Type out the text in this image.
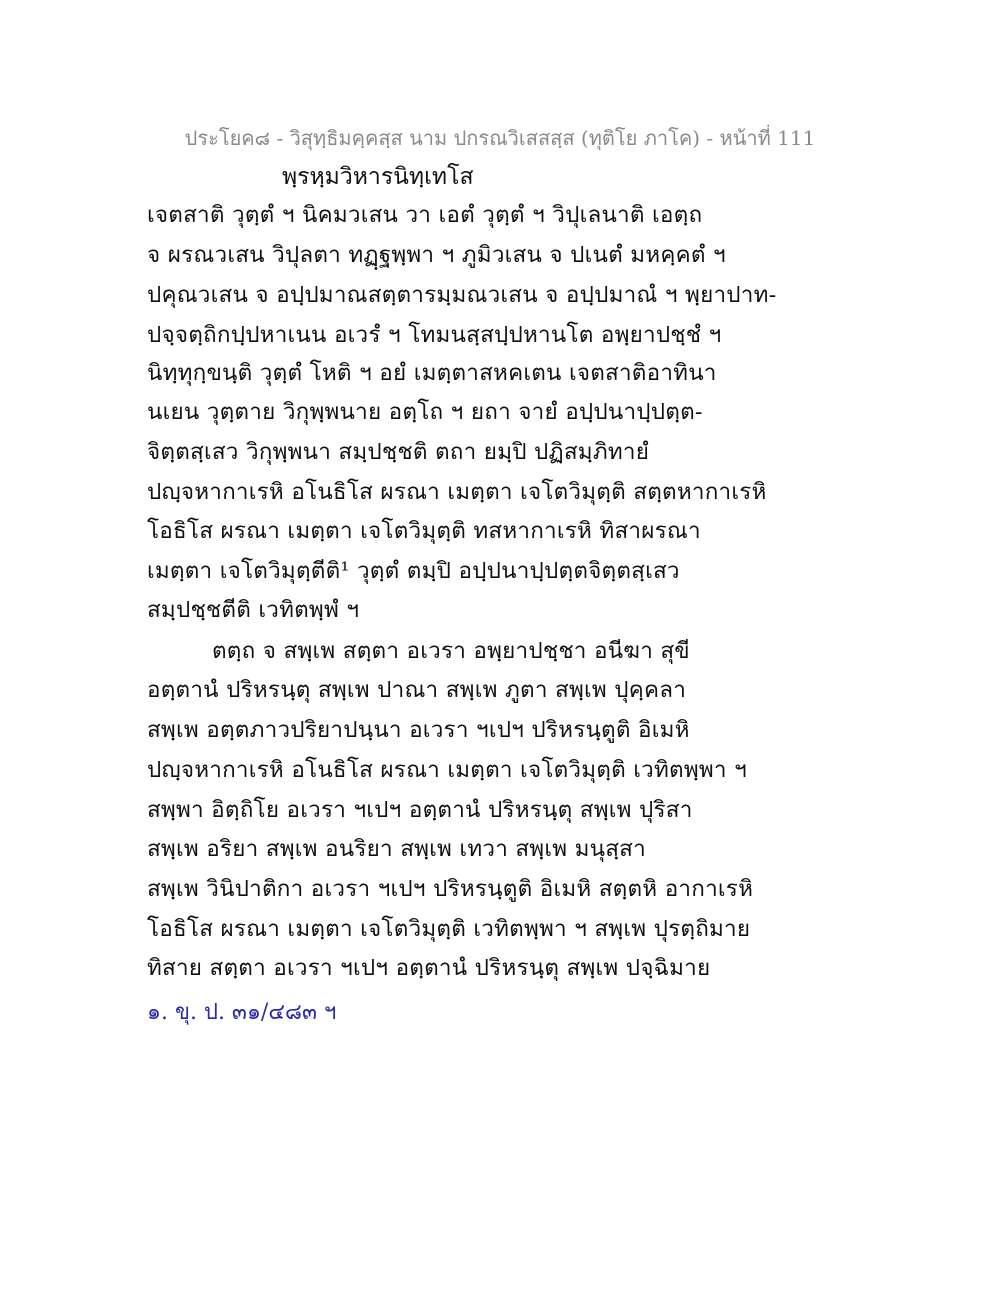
ประโยค๘ - วิสุทฺธิมคฺคสฺส นาม ปกรณวิเสสสฺส (ทุติโย ภาโค) - หน้าที่ 111
พฺรหฺมวิหารนิทฺเทโส
เจตสาติ วุตฺตํ ฯ นิคมวเสน วา เอตํ วุตฺตํ ฯ วิปุเลนาติ เอตฺถ
จ ผรณวเสน วิปุลตา ทฏฺฐพฺพา ฯ ภูมิวเสน จ ปเนตํ มหคฺคตํ ฯ
ปคุณวเสน จ อปฺปมาณสตฺตารมฺมณวเสน จ อปฺปมาณํ ฯ พฺยาปาท-
ปจฺจตฺถิกปฺปหาเนน อเวรํ ฯ โทมนสฺสปฺปหานโต อพฺยาปชฺชํ ฯ
นิทฺทุกฺขนฺติ วุตฺตํ โหติ ฯ อยํ เมตฺตาสหคเตน เจตสาติอาทินา
นเยน วุตฺตาย วิกุพฺพนาย อตฺโถ ฯ ยถา จายํ อปฺปนาปฺปตฺต-
จิตฺตสฺเสว วิกุพฺพนา สมฺปชฺชติ ตถา ยมฺปิ ปฏิสมฺภิทายํ
ปญฺจหากาเรหิ อโนธิโส ผรณา เมตฺตา เจโตวิมุตฺติ สตฺตหากาเรหิ
โอธิโส ผรณา เมตฺตา เจโตวิมุตฺติ ทสหากาเรหิ ทิสาผรณา
เมตฺตา เจโตวิมุตฺตีติ¹ วุตฺตํ ตมฺปิ อปฺปนาปฺปตฺตจิตฺตสฺเสว
สมฺปชฺชตีติ เวทิตพฺพํ ฯ
ตตฺถ จ สพฺเพ สตฺตา อเวรา อพฺยาปชฺชา อนีฆา สุขี
อตฺตานํ ปริหรนฺตุ สพฺเพ ปาณา สพฺเพ ภูตา สพฺเพ ปุคฺคลา
สพฺเพ อตฺตภาวปริยาปนฺนา อเวรา ฯเปฯ ปริหรนฺตูติ อิเมหิ
ปญฺจหากาเรหิ อโนธิโส ผรณา เมตฺตา เจโตวิมุตฺติ เวทิตพฺพา ฯ
สพฺพา อิตฺถิโย อเวรา ฯเปฯ อตฺตานํ ปริหรนฺตุ สพฺเพ ปุริสา
สพฺเพ อริยา สพฺเพ อนริยา สพฺเพ เทวา สพฺเพ มนุสฺสา
สพฺเพ วินิปาติกา อเวรา ฯเปฯ ปริหรนฺตูติ อิเมหิ สตฺตหิ อากาเรหิ
โอธิโส ผรณา เมตฺตา เจโตวิมุตฺติ เวทิตพฺพา ฯ สพฺเพ ปุรตฺถิมาย
ทิสาย สตฺตา อเวรา ฯเปฯ อตฺตานํ ปริหรนฺตุ สพฺเพ ปจฺฉิมาย
๑. ขุ. ป. ๓๑/๔๘๓ ฯ
